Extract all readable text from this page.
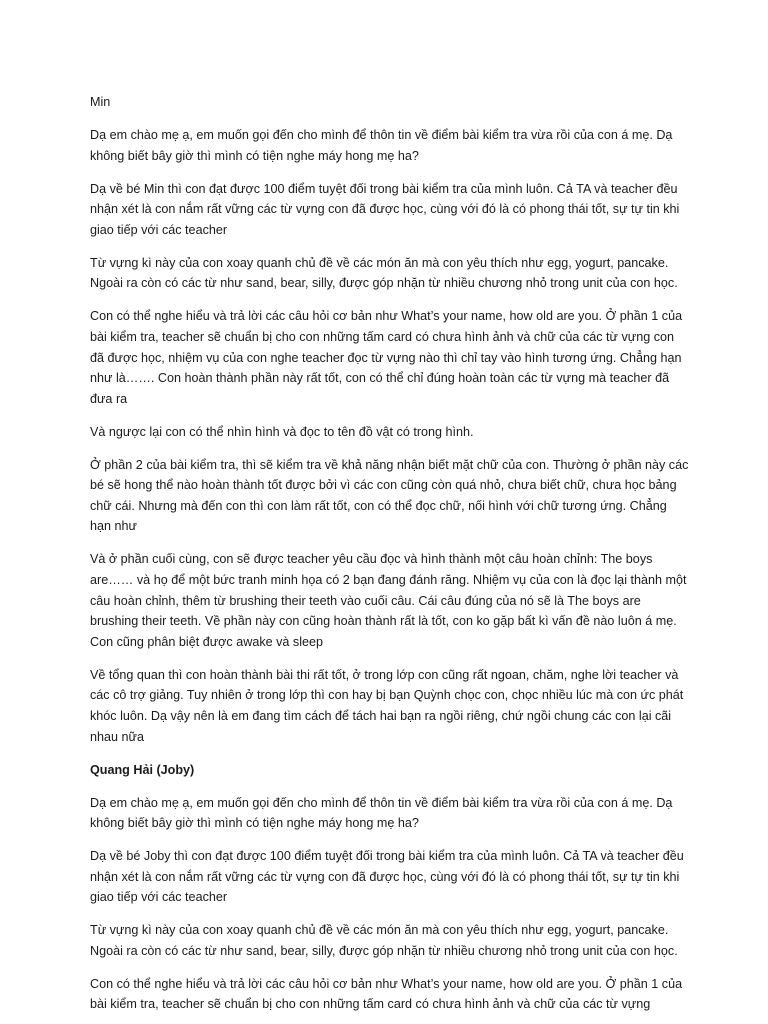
Min

Dạ em chào mẹ ạ, em muốn gọi đến cho mình để thôn tin về điểm bài kiểm tra vừa rồi của con á mẹ. Dạ không biết bây giờ thì mình có tiện nghe máy hong mẹ ha?

Dạ về bé Min thì con đạt được 100 điểm tuyệt đối trong bài kiểm tra của mình luôn. Cả TA và teacher đều nhận xét là con nắm rất vững các từ vựng con đã được học, cùng với đó là có phong thái tốt, sự tự tin khi giao tiếp với các teacher

Từ vựng kì này của con xoay quanh chủ đề về các món ăn mà con yêu thích như egg, yogurt, pancake. Ngoài ra còn có các từ như sand, bear, silly, được góp nhặn từ nhiều chương nhỏ trong unit của con học.

Con có thể nghe hiểu và trả lời các câu hỏi cơ bản như What’s your name, how old are you. Ở phần 1 của bài kiểm tra, teacher sẽ chuẩn bị cho con những tấm card có chưa hình ảnh và chữ của các từ vựng con đã được học, nhiệm vụ của con nghe teacher đọc từ vựng nào thì chỉ tay vào hình tương ứng. Chẳng hạn như là……. Con hoàn thành phần này rất tốt, con có thể chỉ đúng hoàn toàn các từ vựng mà teacher đã đưa ra

Và ngược lại con có thể nhìn hình và đọc to tên đồ vật có trong hình.

Ở phần 2 của bài kiểm tra, thì sẽ kiểm tra về khả năng nhận biết mặt chữ của con. Thường ở phần này các bé sẽ hong thể nào hoàn thành tốt được bởi vì các con cũng còn quá nhỏ, chưa biết chữ, chưa học bảng chữ cái. Nhưng mà đến con thì con làm rất tốt, con có thể đọc chữ, nối hình với chữ tương ứng. Chẳng hạn như

Và ở phần cuối cùng, con sẽ được teacher yêu cầu đọc và hình thành một câu hoàn chỉnh: The boys are…… và họ để một bức tranh minh họa có 2 bạn đang đánh răng. Nhiệm vụ của con là đọc lại thành một câu hoàn chỉnh, thêm từ brushing their teeth vào cuối câu. Cái câu đúng của nó sẽ là The boys are brushing their teeth. Về phần này con cũng hoàn thành rất là tốt, con ko gặp bất kì vấn đề nào luôn á mẹ. Con cũng phân biệt được awake và sleep

Về tổng quan thì con hoàn thành bài thi rất tốt, ở trong lớp con cũng rất ngoan, chăm, nghe lời teacher và các cô trợ giảng. Tuy nhiên ở trong lớp thì con hay bị bạn Quỳnh chọc con, chọc nhiều lúc mà con ức phát khóc luôn. Dạ vậy nên là em đang tìm cách để tách hai bạn ra ngồi riêng, chứ ngồi chung các con lại cãi nhau nữa

Quang Hải (Joby)

Dạ em chào mẹ ạ, em muốn gọi đến cho mình để thôn tin về điểm bài kiểm tra vừa rồi của con á mẹ. Dạ không biết bây giờ thì mình có tiện nghe máy hong mẹ ha?

Dạ về bé Joby thì con đạt được 100 điểm tuyệt đối trong bài kiểm tra của mình luôn. Cả TA và teacher đều nhận xét là con nắm rất vững các từ vựng con đã được học, cùng với đó là có phong thái tốt, sự tự tin khi giao tiếp với các teacher

Từ vựng kì này của con xoay quanh chủ đề về các món ăn mà con yêu thích như egg, yogurt, pancake. Ngoài ra còn có các từ như sand, bear, silly, được góp nhặn từ nhiều chương nhỏ trong unit của con học.

Con có thể nghe hiểu và trả lời các câu hỏi cơ bản như What’s your name, how old are you. Ở phần 1 của bài kiểm tra, teacher sẽ chuẩn bị cho con những tấm card có chưa hình ảnh và chữ của các từ vựng
